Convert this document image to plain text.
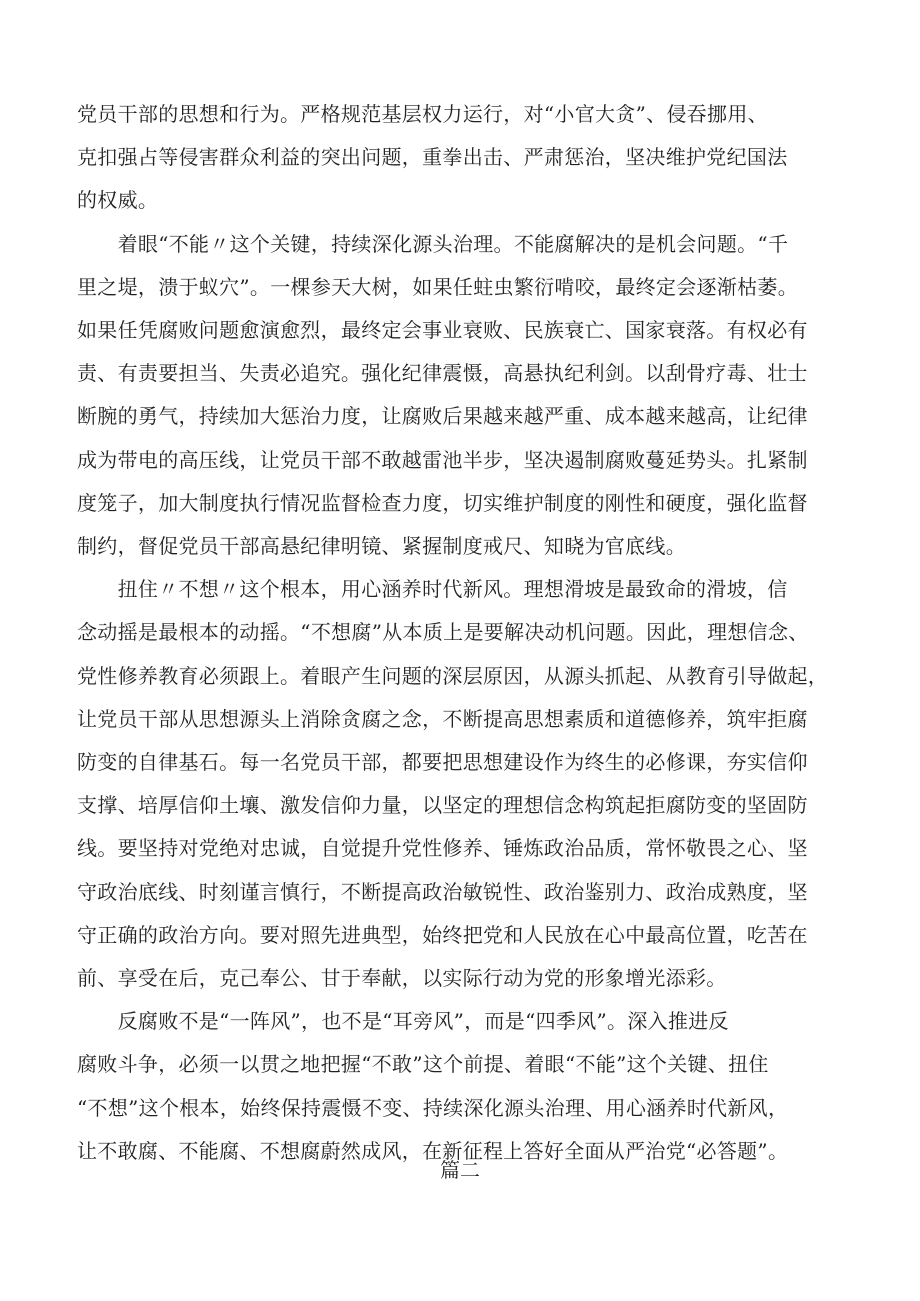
党员干部的思想和行为。严格规范基层权力运行，对“小官大贪”、侵吞挪用、
克扣强占等侵害群众利益的突出问题，重拳出击、严肃惩治，坚决维护党纪国法
的权威。
　　着眼“不能〃这个关键，持续深化源头治理。不能腐解决的是机会问题。“千
里之堤，溃于蚁穴”。一棵参天大树，如果任蛀虫繁衍啃咬，最终定会逐渐枯萎。
如果任凭腐败问题愈演愈烈，最终定会事业衰败、民族衰亡、国家衰落。有权必有
责、有责要担当、失责必追究。强化纪律震慑，高悬执纪利剑。以刮骨疗毒、壮士
断腕的勇气，持续加大惩治力度，让腐败后果越来越严重、成本越来越高，让纪律
成为带电的高压线，让党员干部不敢越雷池半步，坚决遏制腐败蔓延势头。扎紧制
度笼子，加大制度执行情况监督检查力度，切实维护制度的刚性和硬度，强化监督
制约，督促党员干部高悬纪律明镜、紧握制度戒尺、知晓为官底线。
　　扭住〃不想〃这个根本，用心涵养时代新风。理想滑坡是最致命的滑坡，信
念动摇是最根本的动摇。“不想腐”从本质上是要解决动机问题。因此，理想信念、
党性修养教育必须跟上。着眼产生问题的深层原因，从源头抓起、从教育引导做起，
让党员干部从思想源头上消除贪腐之念，不断提高思想素质和道德修养，筑牢拒腐
防变的自律基石。每一名党员干部，都要把思想建设作为终生的必修课，夯实信仰
支撑、培厚信仰土壤、激发信仰力量，以坚定的理想信念构筑起拒腐防变的坚固防
线。要坚持对党绝对忠诚，自觉提升党性修养、锤炼政治品质，常怀敬畏之心、坚
守政治底线、时刻谨言慎行，不断提高政治敏锐性、政治鉴别力、政治成熟度，坚
守正确的政治方向。要对照先进典型，始终把党和人民放在心中最高位置，吃苦在
前、享受在后，克己奉公、甘于奉献，以实际行动为党的形象增光添彩。
　　反腐败不是“一阵风”，也不是“耳旁风”，而是“四季风”。深入推进反
腐败斗争，必须一以贯之地把握“不敢”这个前提、着眼“不能”这个关键、扭住
“不想”这个根本，始终保持震慑不变、持续深化源头治理、用心涵养时代新风，
让不敢腐、不能腐、不想腐蔚然成风，在新征程上答好全面从严治党“必答题”。
篇二
